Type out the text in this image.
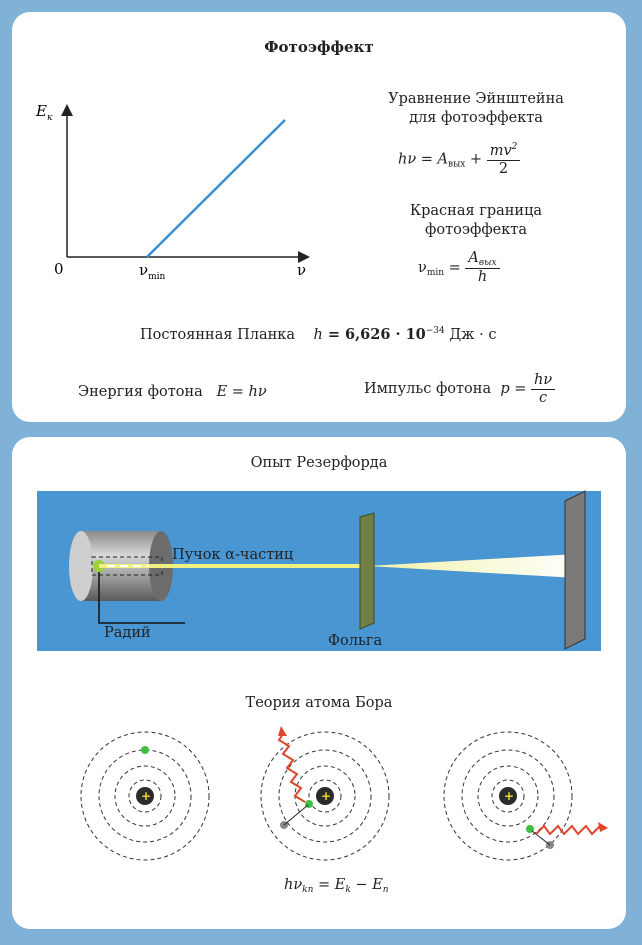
Фотоэффект
$E_к$
0	$\nu_{min}$	ν
Уравнение Эйнштейна
для фотоэффекта
$h\nu = A_{вых} + \frac{mv^2}{2}$
Красная граница
фотоэффекта
$\nu_{min} = \frac{A_{вых}}{h}$
Постоянная Планка $h = 6,626 \cdot 10^{-34}$ Дж · с
Энергия фотона E = hν	Импульс фотона $p = \frac{h\nu}{c}$
Опыт Резерфорда
Пучок α-частиц
Радий	Фольга
Теория атома Бора
+	+	+
$h\nu_{kn} = E_k - E_n$
